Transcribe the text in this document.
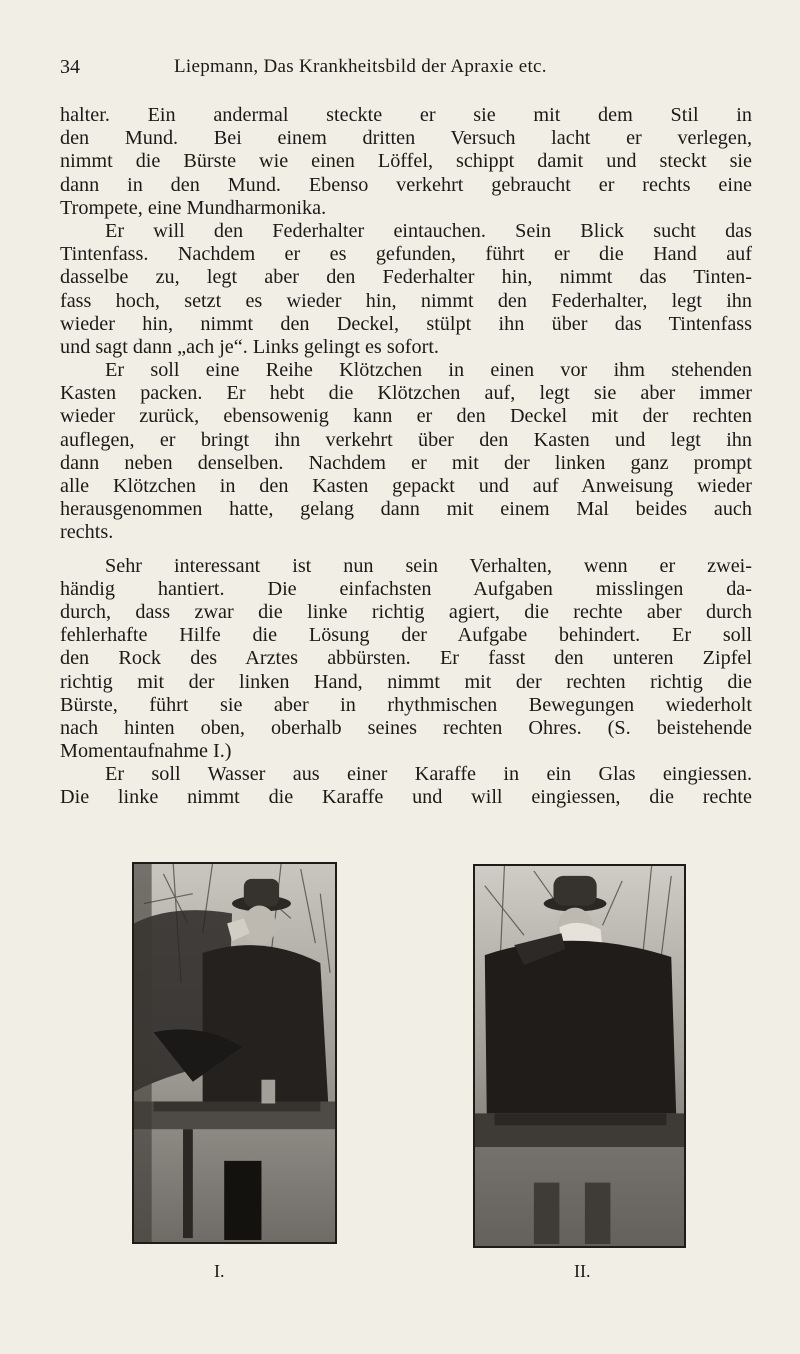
34	Liepmann, Das Krankheitsbild der Apraxie etc.
halter. Ein andermal steckte er sie mit dem Stil in
den Mund. Bei einem dritten Versuch lacht er verlegen,
nimmt die Bürste wie einen Löffel, schippt damit und steckt sie
dann in den Mund. Ebenso verkehrt gebraucht er rechts eine
Trompete, eine Mundharmonika.
Er will den Federhalter eintauchen. Sein Blick sucht das
Tintenfass. Nachdem er es gefunden, führt er die Hand auf
dasselbe zu, legt aber den Federhalter hin, nimmt das Tinten-
fass hoch, setzt es wieder hin, nimmt den Federhalter, legt ihn
wieder hin, nimmt den Deckel, stülpt ihn über das Tintenfass
und sagt dann „ach je“. Links gelingt es sofort.
Er soll eine Reihe Klötzchen in einen vor ihm stehenden
Kasten packen. Er hebt die Klötzchen auf, legt sie aber immer
wieder zurück, ebensowenig kann er den Deckel mit der rechten
auflegen, er bringt ihn verkehrt über den Kasten und legt ihn
dann neben denselben. Nachdem er mit der linken ganz prompt
alle Klötzchen in den Kasten gepackt und auf Anweisung wieder
herausgenommen hatte, gelang dann mit einem Mal beides auch
rechts.
Sehr interessant ist nun sein Verhalten, wenn er zwei-
händig hantiert. Die einfachsten Aufgaben misslingen da-
durch, dass zwar die linke richtig agiert, die rechte aber durch
fehlerhafte Hilfe die Lösung der Aufgabe behindert. Er soll
den Rock des Arztes abbürsten. Er fasst den unteren Zipfel
richtig mit der linken Hand, nimmt mit der rechten richtig die
Bürste, führt sie aber in rhythmischen Bewegungen wiederholt
nach hinten oben, oberhalb seines rechten Ohres. (S. beistehende
Momentaufnahme I.)
Er soll Wasser aus einer Karaffe in ein Glas eingiessen.
Die linke nimmt die Karaffe und will eingiessen, die rechte
I.	II.
